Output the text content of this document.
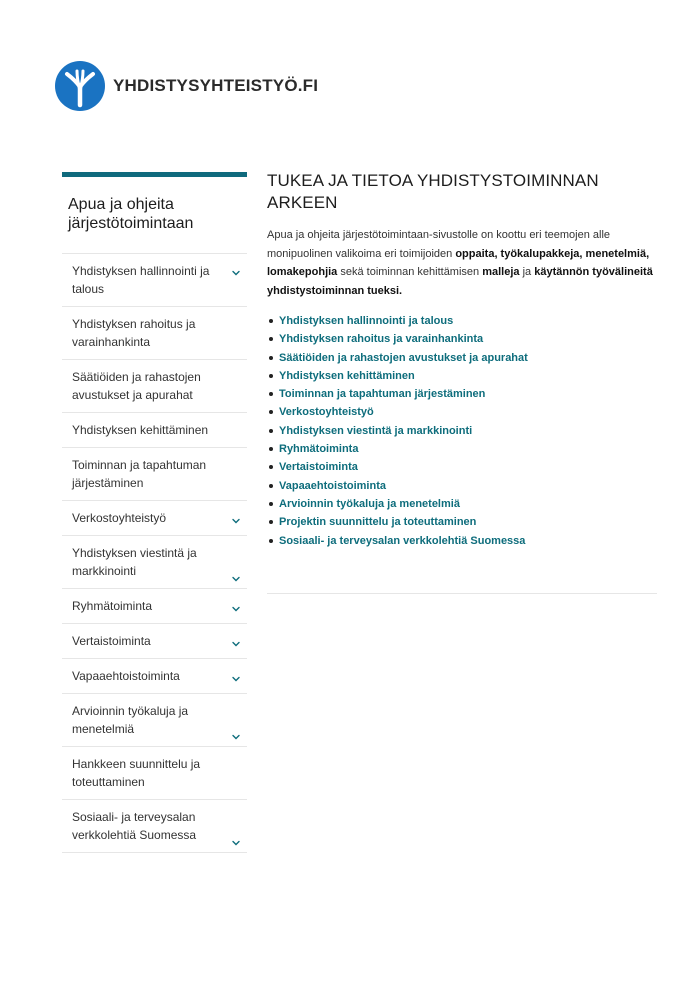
YHDISTYSYHTEISTYÖ.FI
Apua ja ohjeita järjestötoimintaan
Yhdistyksen hallinnointi ja talous
Yhdistyksen rahoitus ja varainhankinta
Säätiöiden ja rahastojen avustukset ja apurahat
Yhdistyksen kehittäminen
Toiminnan ja tapahtuman järjestäminen
Verkostoyhteistyö
Yhdistyksen viestintä ja markkinointi
Ryhmätoiminta
Vertaistoiminta
Vapaaehtoistoiminta
Arvioinnin työkaluja ja menetelmiä
Hankkeen suunnittelu ja toteuttaminen
Sosiaali- ja terveysalan verkkolehtiä Suomessa
TUKEA JA TIETOA YHDISTYSTOIMINNAN ARKEEN

Apua ja ohjeita järjestötoimintaan-sivustolle on koottu eri teemojen alle monipuolinen valikoima eri toimijoiden oppaita, työkalupakkeja, menetelmiä, lomakepohjia sekä toiminnan kehittämisen malleja ja käytännön työvälineitä yhdistystoiminnan tueksi.

Yhdistyksen hallinnointi ja talous
Yhdistyksen rahoitus ja varainhankinta
Säätiöiden ja rahastojen avustukset ja apurahat
Yhdistyksen kehittäminen
Toiminnan ja tapahtuman järjestäminen
Verkostoyhteistyö
Yhdistyksen viestintä ja markkinointi
Ryhmätoiminta
Vertaistoiminta
Vapaaehtoistoiminta
Arvioinnin työkaluja ja menetelmiä
Projektin suunnittelu ja toteuttaminen
Sosiaali- ja terveysalan verkkolehtiä Suomessa
